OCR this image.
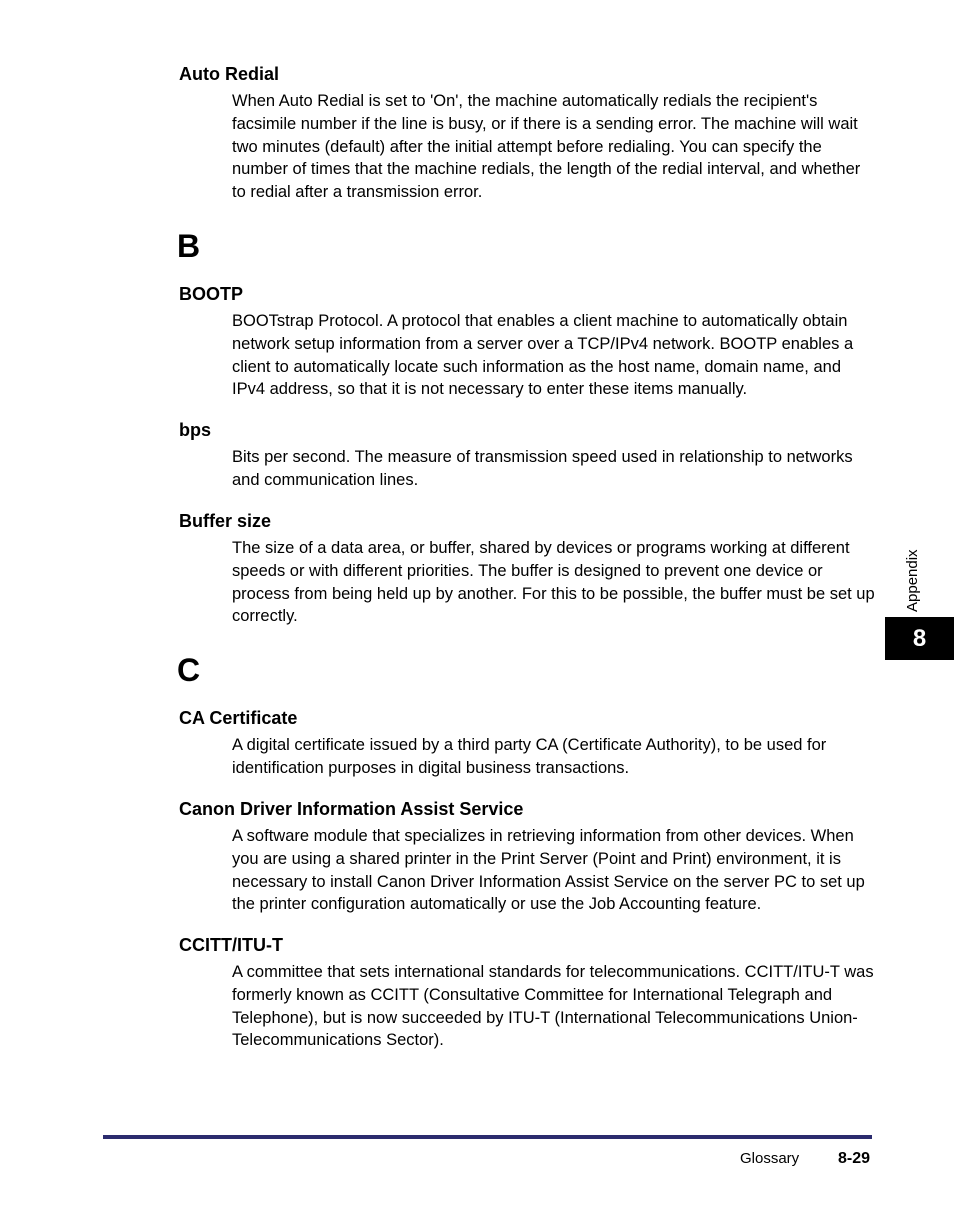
Auto Redial
When Auto Redial is set to 'On', the machine automatically redials the recipient's facsimile number if the line is busy, or if there is a sending error. The machine will wait two minutes (default) after the initial attempt before redialing. You can specify the number of times that the machine redials, the length of the redial interval, and whether to redial after a transmission error.
B
BOOTP
BOOTstrap Protocol. A protocol that enables a client machine to automatically obtain network setup information from a server over a TCP/IPv4 network. BOOTP enables a client to automatically locate such information as the host name, domain name, and IPv4 address, so that it is not necessary to enter these items manually.
bps
Bits per second. The measure of transmission speed used in relationship to networks and communication lines.
Buffer size
The size of a data area, or buffer, shared by devices or programs working at different speeds or with different priorities. The buffer is designed to prevent one device or process from being held up by another. For this to be possible, the buffer must be set up correctly.
C
CA Certificate
A digital certificate issued by a third party CA (Certificate Authority), to be used for identification purposes in digital business transactions.
Canon Driver Information Assist Service
A software module that specializes in retrieving information from other devices. When you are using a shared printer in the Print Server (Point and Print) environment, it is necessary to install Canon Driver Information Assist Service on the server PC to set up the printer configuration automatically or use the Job Accounting feature.
CCITT/ITU-T
A committee that sets international standards for telecommunications. CCITT/ITU-T was formerly known as CCITT (Consultative Committee for International Telegraph and Telephone), but is now succeeded by ITU-T (International Telecommunications Union-Telecommunications Sector).
Appendix
8
Glossary 8-29
